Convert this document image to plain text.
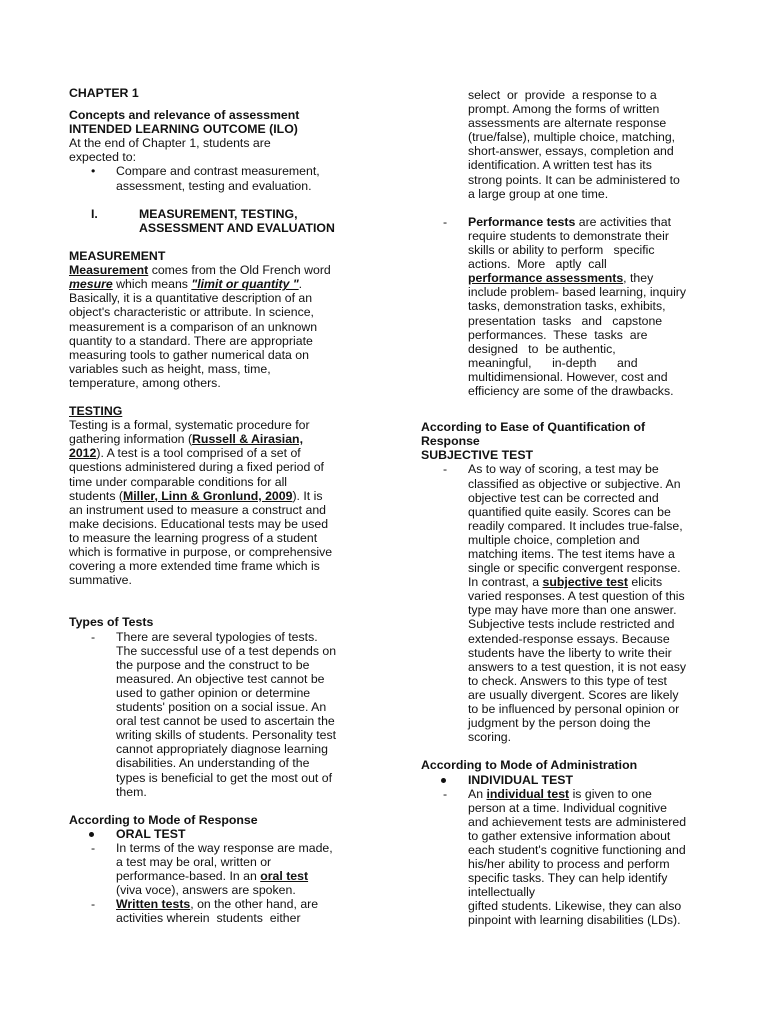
CHAPTER 1
Concepts and relevance of assessment
INTENDED LEARNING OUTCOME (ILO)
At the end of Chapter 1, students are
expected to:
•	Compare and contrast measurement,
assessment, testing and evaluation.
I.	MEASUREMENT, TESTING,
ASSESSMENT AND EVALUATION
MEASUREMENT
Measurement comes from the Old French word
mesure which means "limit or quantity ".
Basically, it is a quantitative description of an
object's characteristic or attribute. In science,
measurement is a comparison of an unknown
quantity to a standard. There are appropriate
measuring tools to gather numerical data on
variables such as height, mass, time,
temperature, among others.
TESTING
Testing is a formal, systematic procedure for
gathering information (Russell & Airasian,
2012). A test is a tool comprised of a set of
questions administered during a fixed period of
time under comparable conditions for all
students (Miller, Linn & Gronlund, 2009). It is
an instrument used to measure a construct and
make decisions. Educational tests may be used
to measure the learning progress of a student
which is formative in purpose, or comprehensive
covering a more extended time frame which is
summative.
Types of Tests
-	There are several typologies of tests.
The successful use of a test depends on
the purpose and the construct to be
measured. An objective test cannot be
used to gather opinion or determine
students' position on a social issue. An
oral test cannot be used to ascertain the
writing skills of students. Personality test
cannot appropriately diagnose learning
disabilities. An understanding of the
types is beneficial to get the most out of
them.
According to Mode of Response
ORAL TEST
-	In terms of the way response are made,
a test may be oral, written or
performance-based. In an oral test
(viva voce), answers are spoken.
-	Written tests, on the other hand, are
activities wherein  students  either
select  or  provide  a response to a
prompt. Among the forms of written
assessments are alternate response
(true/false), multiple choice, matching,
short-answer, essays, completion and
identification. A written test has its
strong points. It can be administered to
a large group at one time.
-	Performance tests are activities that
require students to demonstrate their
skills or ability to perform   specific
actions.  More   aptly  call
performance assessments, they
include problem- based learning, inquiry
tasks, demonstration tasks, exhibits,
presentation  tasks   and   capstone
performances.  These  tasks  are
designed   to  be authentic,
meaningful,      in-depth      and
multidimensional. However, cost and
efficiency are some of the drawbacks.
According to Ease of Quantification of
Response
SUBJECTIVE TEST
-	As to way of scoring, a test may be
classified as objective or subjective. An
objective test can be corrected and
quantified quite easily. Scores can be
readily compared. It includes true-false,
multiple choice, completion and
matching items. The test items have a
single or specific convergent response.
In contrast, a subjective test elicits
varied responses. A test question of this
type may have more than one answer.
Subjective tests include restricted and
extended-response essays. Because
students have the liberty to write their
answers to a test question, it is not easy
to check. Answers to this type of test
are usually divergent. Scores are likely
to be influenced by personal opinion or
judgment by the person doing the
scoring.
According to Mode of Administration
INDIVIDUAL TEST
-	An individual test is given to one
person at a time. Individual cognitive
and achievement tests are administered
to gather extensive information about
each student's cognitive functioning and
his/her ability to process and perform
specific tasks. They can help identify
intellectually
gifted students. Likewise, they can also
pinpoint with learning disabilities (LDs).
